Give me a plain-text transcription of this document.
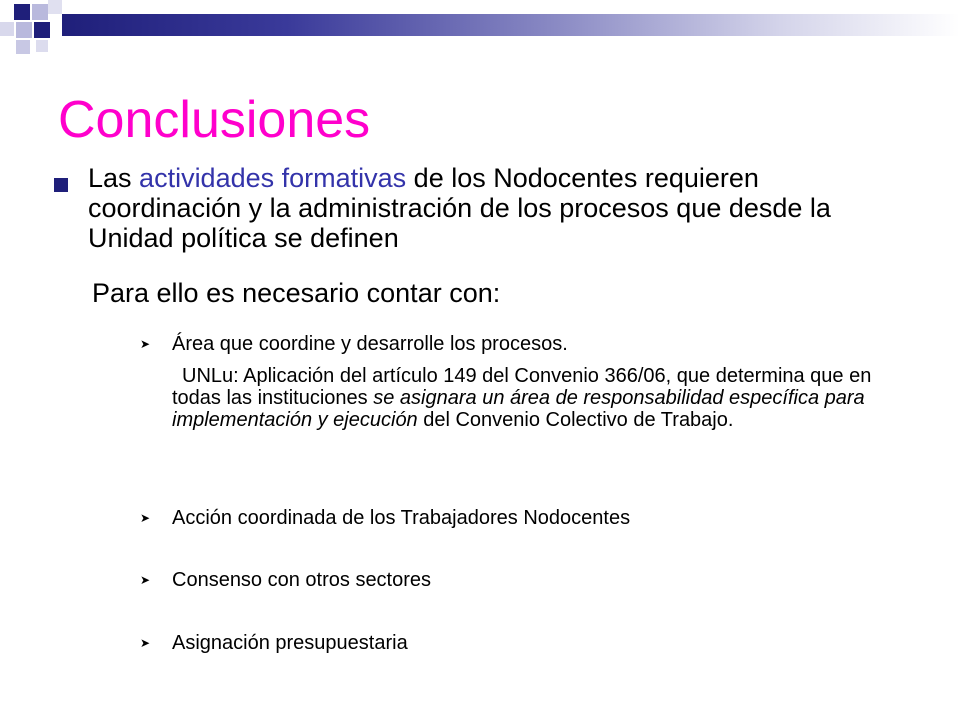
Conclusiones
Las actividades formativas de los Nodocentes requieren coordinación y la administración de los procesos que desde la Unidad política se definen
Para ello es necesario contar con:
➤ Área que coordine y desarrolle los procesos.
UNLu: Aplicación del artículo 149 del Convenio 366/06, que determina que en todas las instituciones se asignara un área de responsabilidad específica para implementación y ejecución del Convenio Colectivo de Trabajo.
➤ Acción coordinada de los Trabajadores Nodocentes
➤ Consenso con otros sectores
➤ Asignación presupuestaria
